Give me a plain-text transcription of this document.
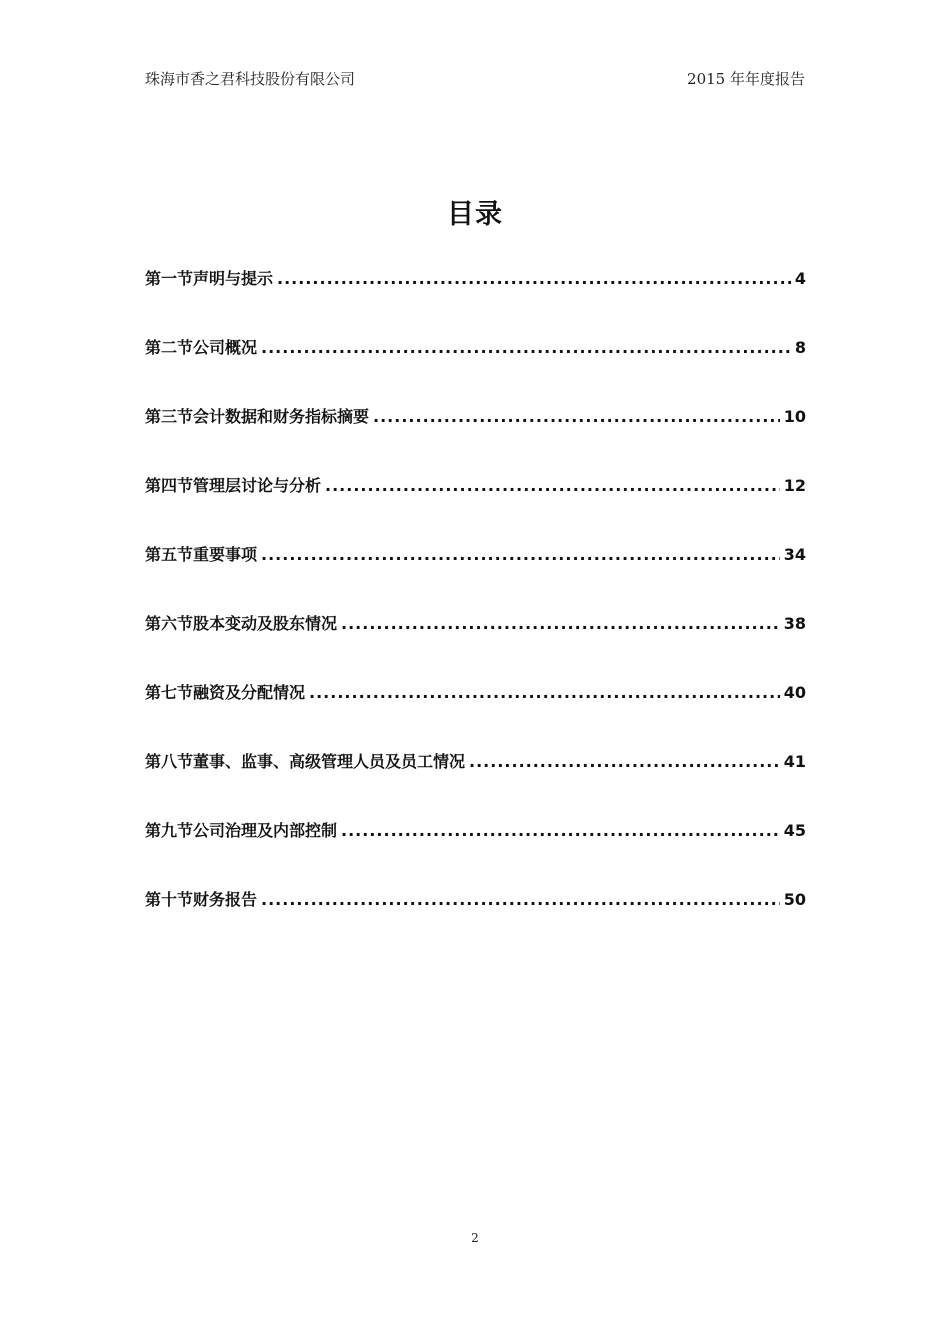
珠海市香之君科技股份有限公司	2015 年年度报告
目录
第一节声明与提示 .....	4
第二节公司概况 .....	8
第三节会计数据和财务指标摘要 .....	10
第四节管理层讨论与分析 .....	12
第五节重要事项 .....	34
第六节股本变动及股东情况 .....	38
第七节融资及分配情况 .....	40
第八节董事、监事、高级管理人员及员工情况 .....	41
第九节公司治理及内部控制 .....	45
第十节财务报告 .....	50
2
